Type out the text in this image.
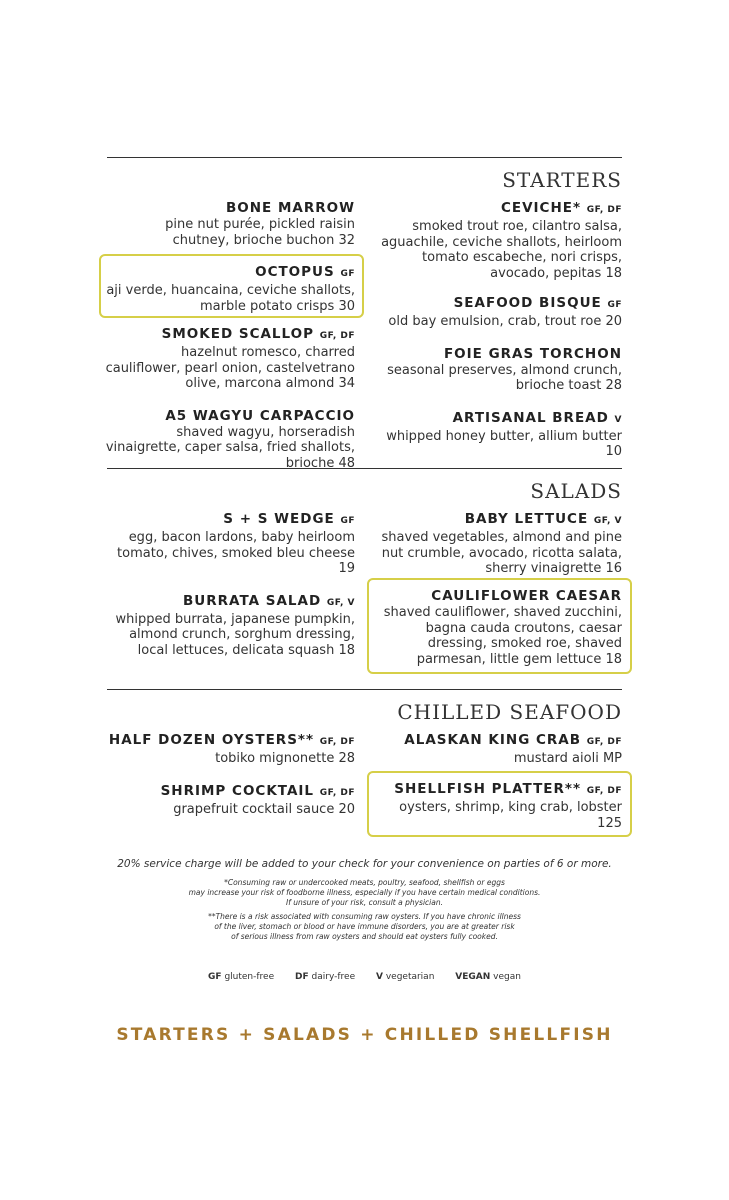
STARTERS
BONE MARROW
pine nut purée, pickled raisin chutney, brioche buchon 32
OCTOPUS GF
aji verde, huancaina, ceviche shallots, marble potato crisps 30
SMOKED SCALLOP GF, DF
hazelnut romesco, charred cauliflower, pearl onion, castelvetrano olive, marcona almond 34
A5 WAGYU CARPACCIO
shaved wagyu, horseradish vinaigrette, caper salsa, fried shallots, brioche 48
CEVICHE* GF, DF
smoked trout roe, cilantro salsa, aguachile, ceviche shallots, heirloom tomato escabeche, nori crisps, avocado, pepitas 18
SEAFOOD BISQUE GF
old bay emulsion, crab, trout roe 20
FOIE GRAS TORCHON
seasonal preserves, almond crunch, brioche toast 28
ARTISANAL BREAD V
whipped honey butter, allium butter 10
SALADS
S + S WEDGE GF
egg, bacon lardons, baby heirloom tomato, chives, smoked bleu cheese 19
BURRATA SALAD GF, V
whipped burrata, japanese pumpkin, almond crunch, sorghum dressing, local lettuces, delicata squash 18
BABY LETTUCE GF, V
shaved vegetables, almond and pine nut crumble, avocado, ricotta salata, sherry vinaigrette 16
CAULIFLOWER CAESAR
shaved cauliflower, shaved zucchini, bagna cauda croutons, caesar dressing, smoked roe, shaved parmesan, little gem lettuce 18
CHILLED SEAFOOD
HALF DOZEN OYSTERS** GF, DF
tobiko mignonette 28
SHRIMP COCKTAIL GF, DF
grapefruit cocktail sauce 20
ALASKAN KING CRAB GF, DF
mustard aioli MP
SHELLFISH PLATTER** GF, DF
oysters, shrimp, king crab, lobster 125
20% service charge will be added to your check for your convenience on parties of 6 or more.
*Consuming raw or undercooked meats, poultry, seafood, shellfish or eggs
may increase your risk of foodborne illness, especially if you have certain medical conditions.
If unsure of your risk, consult a physician.
**There is a risk associated with consuming raw oysters. If you have chronic illness
of the liver, stomach or blood or have immune disorders, you are at greater risk
of serious illness from raw oysters and should eat oysters fully cooked.
GF gluten-free DF dairy-free V vegetarian VEGAN vegan
STARTERS + SALADS + CHILLED SHELLFISH
